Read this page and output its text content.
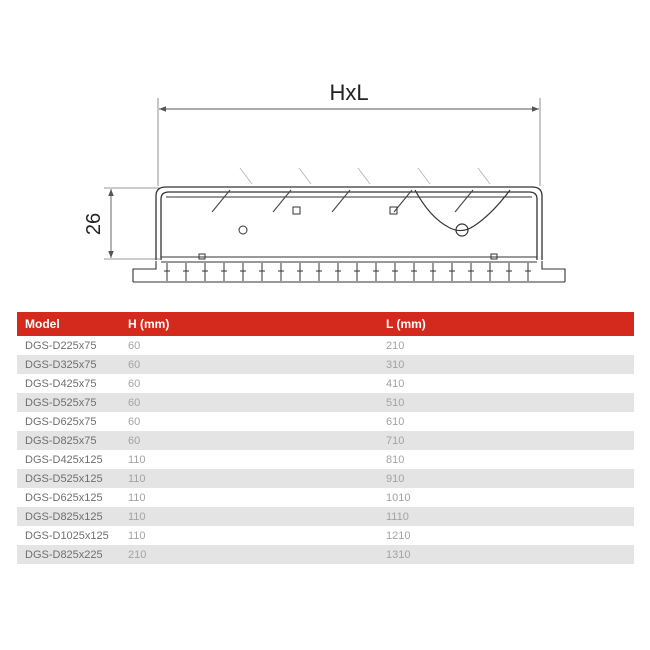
HxL
26
Model	H (mm)	L (mm)
DGS-D225x75	60	210
DGS-D325x75	60	310
DGS-D425x75	60	410
DGS-D525x75	60	510
DGS-D625x75	60	610
DGS-D825x75	60	710
DGS-D425x125	110	810
DGS-D525x125	110	910
DGS-D625x125	110	1010
DGS-D825x125	110	1110
DGS-D1025x125	110	1210
DGS-D825x225	210	1310
